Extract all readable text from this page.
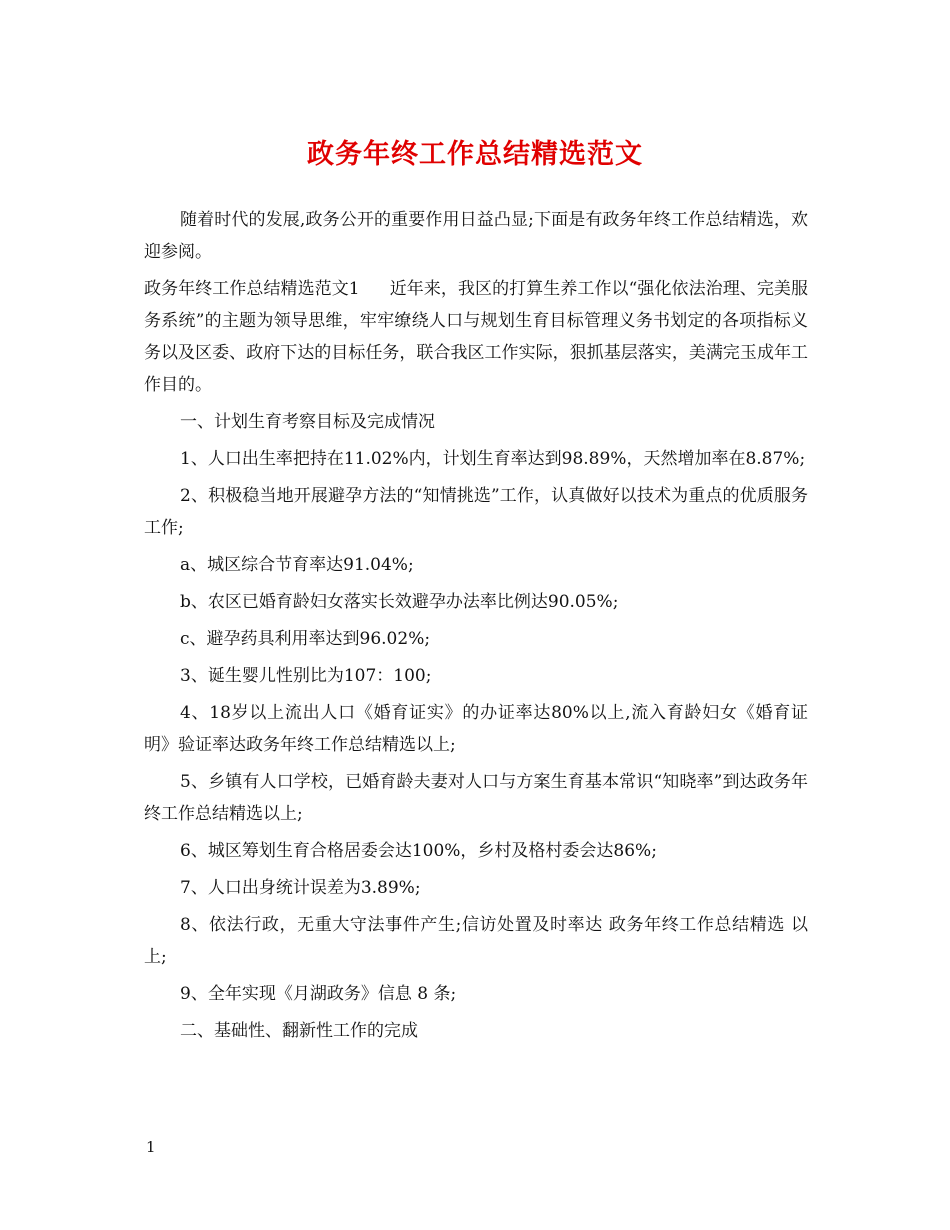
政务年终工作总结精选范文

随着时代的发展,政务公开的重要作用日益凸显;下面是有政务年终工作总结精选，欢迎参阅。

政务年终工作总结精选范文1 近年来，我区的打算生养工作以“强化依法治理、完美服务系统”的主题为领导思维，牢牢缭绕人口与规划生育目标管理义务书划定的各项指标义务以及区委、政府下达的目标任务，联合我区工作实际，狠抓基层落实，美满完玉成年工作目的。

一、计划生育考察目标及完成情况

1、人口出生率把持在11.02%内，计划生育率达到98.89%，天然增加率在8.87%;

2、积极稳当地开展避孕方法的“知情挑选”工作，认真做好以技术为重点的优质服务工作;

a、城区综合节育率达91.04%;

b、农区已婚育龄妇女落实长效避孕办法率比例达90.05%;

c、避孕药具利用率达到96.02%;

3、诞生婴儿性别比为107：100;

4、18岁以上流出人口《婚育证实》的办证率达80%以上,流入育龄妇女《婚育证明》验证率达政务年终工作总结精选以上;

5、乡镇有人口学校，已婚育龄夫妻对人口与方案生育基本常识“知晓率”到达政务年终工作总结精选以上;

6、城区筹划生育合格居委会达100%，乡村及格村委会达86%;

7、人口出身统计误差为3.89%;

8、依法行政，无重大守法事件产生;信访处置及时率达 政务年终工作总结精选 以上;

9、全年实现《月湖政务》信息 8 条;

二、基础性、翻新性工作的完成

1
